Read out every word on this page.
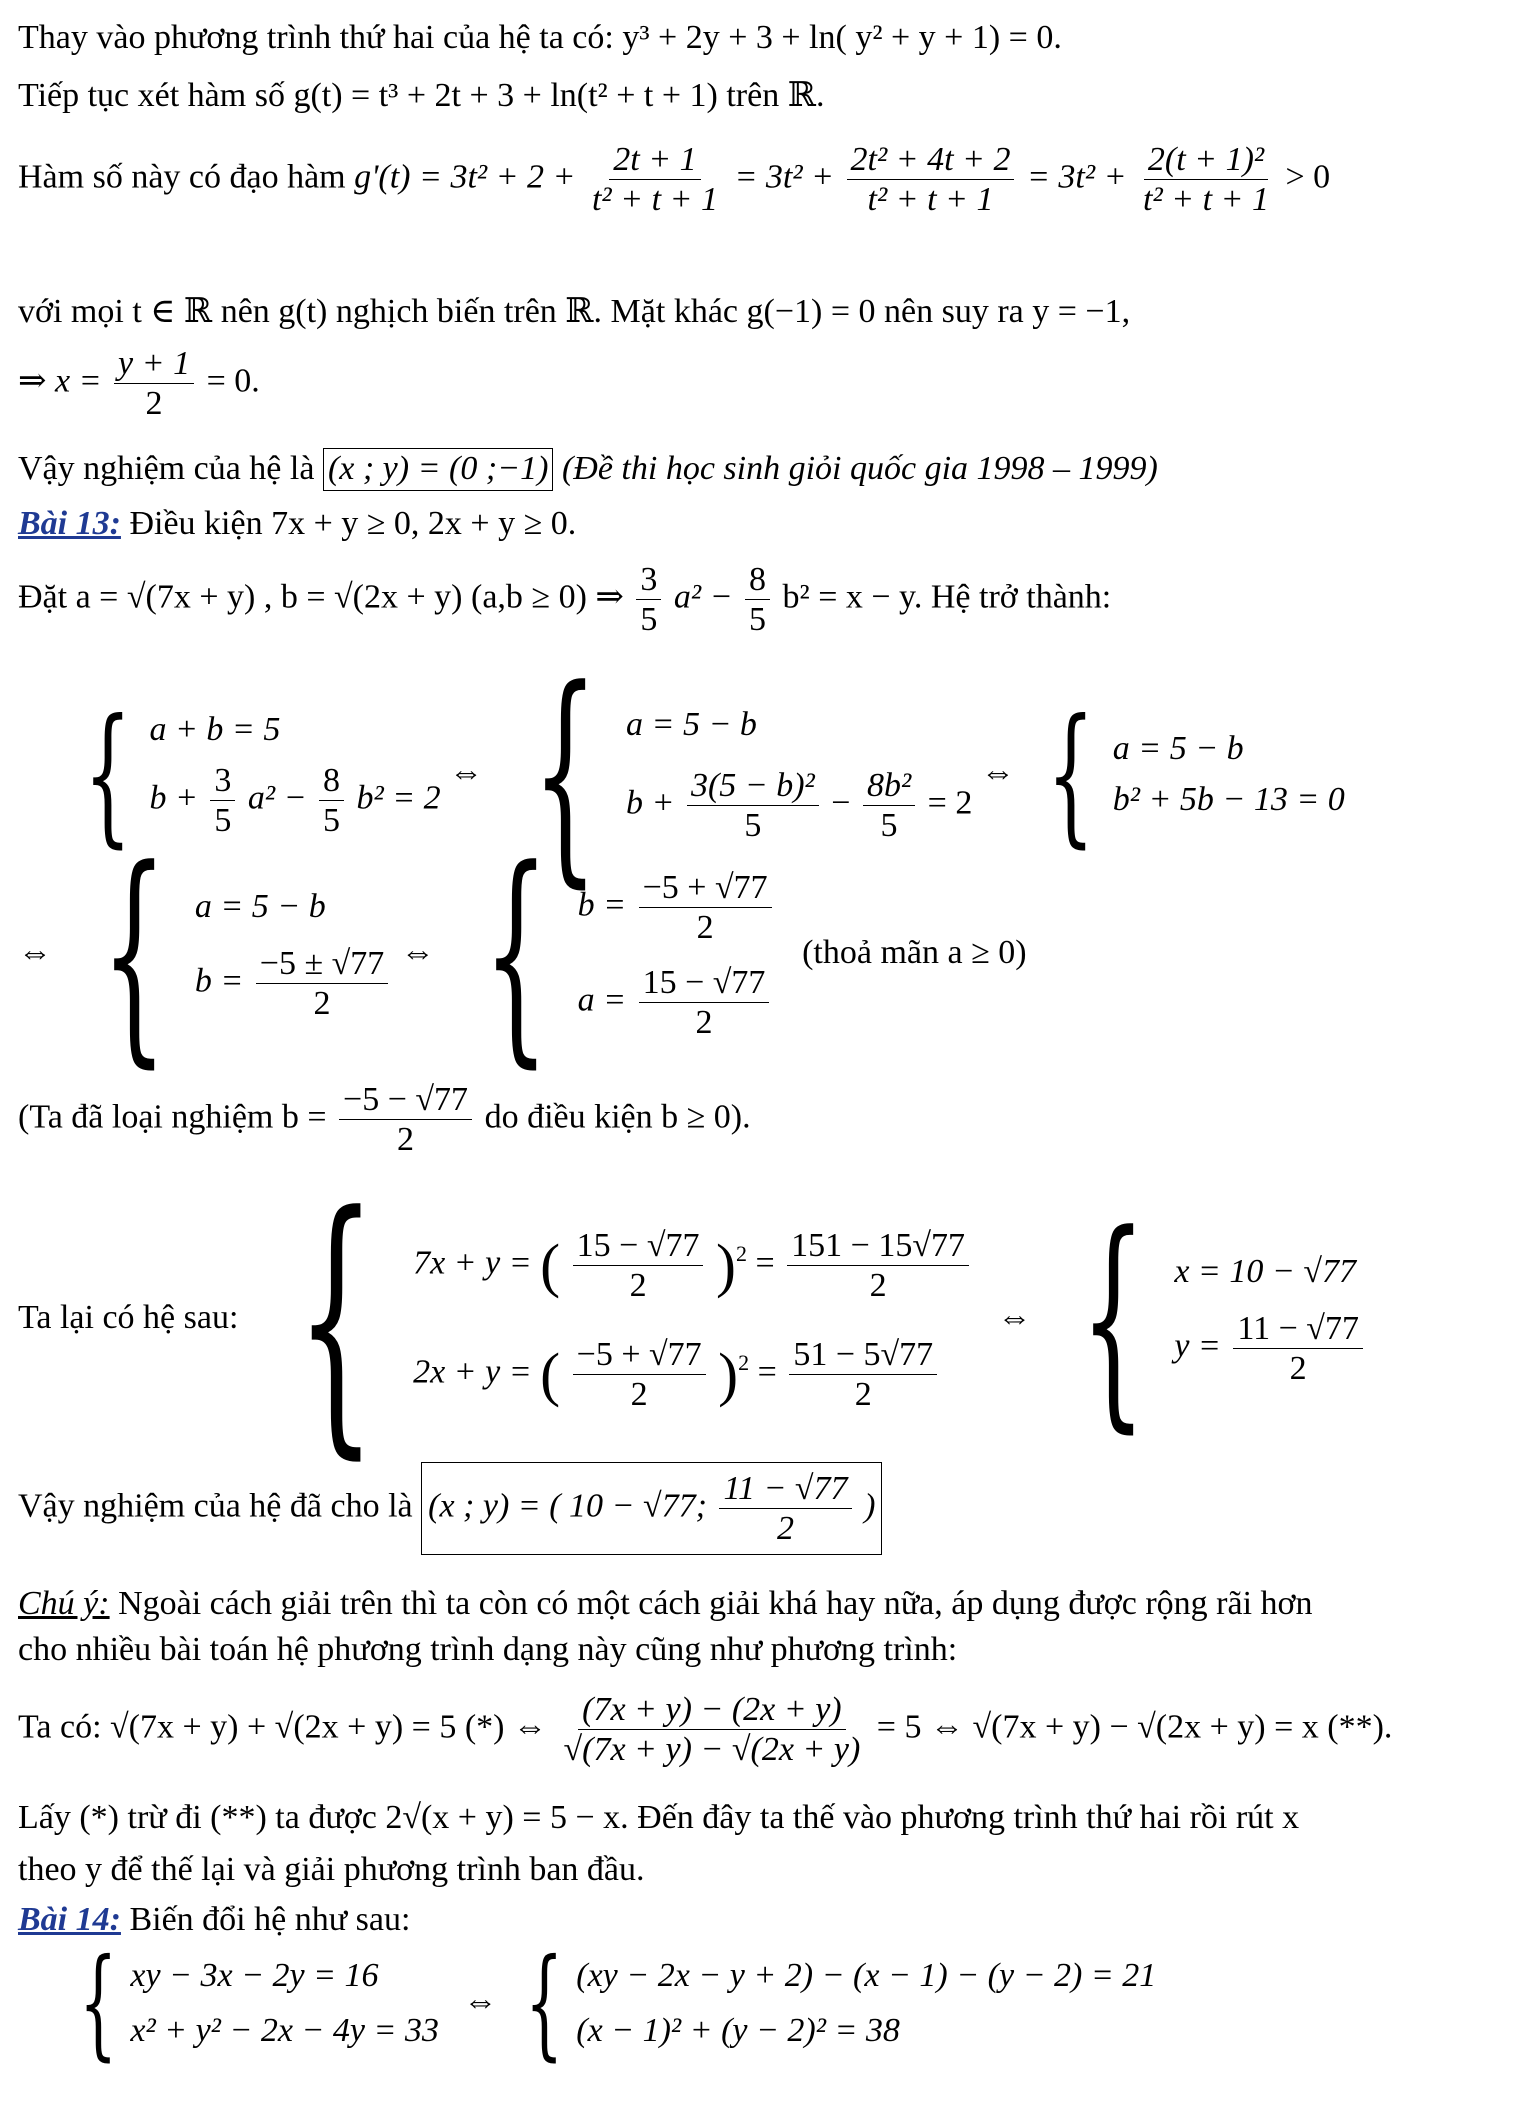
Thay vào phương trình thứ hai của hệ ta có: y³ + 2y + 3 + ln( y² + y + 1) = 0.
Tiếp tục xét hàm số g(t) = t³ + 2t + 3 + ln(t² + t + 1) trên ℝ.
Hàm số này có đạo hàm $g'(t) = 3t^2 + 2 + \frac{2t + 1}{\text{t² + t + 1}} = 3t^2 + \frac{\text{2t² + 4t + 2}}{\text{t² + t + 1}} = 3t^2 + \frac{\text{2(t + 1)²}}{\text{t² + t + 1}} > 0$
với mọi t ∈ ℝ nên g(t) nghịch biến trên ℝ. Mặt khác g(−1) = 0 nên suy ra y = −1,
⇒ $x = \frac{y + 1}{2} = 0$.
Vậy nghiệm của hệ là (x ; y) = (0 ;−1) (Đề thi học sinh giỏi quốc gia 1998 – 1999)
Bài 13: Điều kiện 7x + y ≥ 0, 2x + y ≥ 0.
Đặt a = √(7x + y) , b = √(2x + y) (a,b ≥ 0) ⇒ $\frac{3}{5} a^2 - \frac{8}{5} b^2 = x - y$. Hệ trở thành:
{ a + b = 5
$b + \frac{3}{5} a^2 - \frac{8}{5} b^2 = 2$
⇔ { a = 5 − b
$b + \frac{\text{3(5 − b)²}}{5} - \frac{\text{8b²}}{5} = 2$
⇔ { a = 5 − b
b² + 5b − 13 = 0
⇔ { a = 5 − b
$b = \frac{-5 \pm √77}{2}$ ⇔ { $b = \frac{-5 + √77}{2}$
$a = \frac{15 - √77}{2}$
(thoả mãn a ≥ 0)
(Ta đã loại nghiệm $b = \frac{-5 - √77}{2}$ do điều kiện b ≥ 0).
Ta lại có hệ sau: { 7x + y = ( $\frac{15 - √77}{2} )^2 = \frac{151 - 15√77}{2}$
2x + y = ( $\frac{-5 + √77}{2} )^2 = \frac{51 - 5√77}{2}$
⇔ { x = 10 − √77
$y = \frac{11 - √77}{2}$
Vậy nghiệm của hệ đã cho là (x ; y) = ( 10 − √77; $\frac{11 - √77}{2}$ )
Chú ý: Ngoài cách giải trên thì ta còn có một cách giải khá hay nữa, áp dụng được rộng rãi hơn
cho nhiều bài toán hệ phương trình dạng này cũng như phương trình:
Ta có: √(7x + y) + √(2x + y) = 5 (*) ⇔ $\frac{(7x + y) - (2x + y)}{√(7x + y) - √(2x + y)} = 5$ ⇔ √(7x + y) − √(2x + y) = x (**).
Lấy (*) trừ đi (**) ta được 2√(x + y) = 5 − x. Đến đây ta thế vào phương trình thứ hai rồi rút x
theo y để thế lại và giải phương trình ban đầu.
Bài 14: Biến đổi hệ như sau:
{ xy − 3x − 2y = 16
x² + y² − 2x − 4y = 33
⇔ { (xy − 2x − y + 2) − (x − 1) − (y − 2) = 21
(x − 1)² + (y − 2)² = 38
